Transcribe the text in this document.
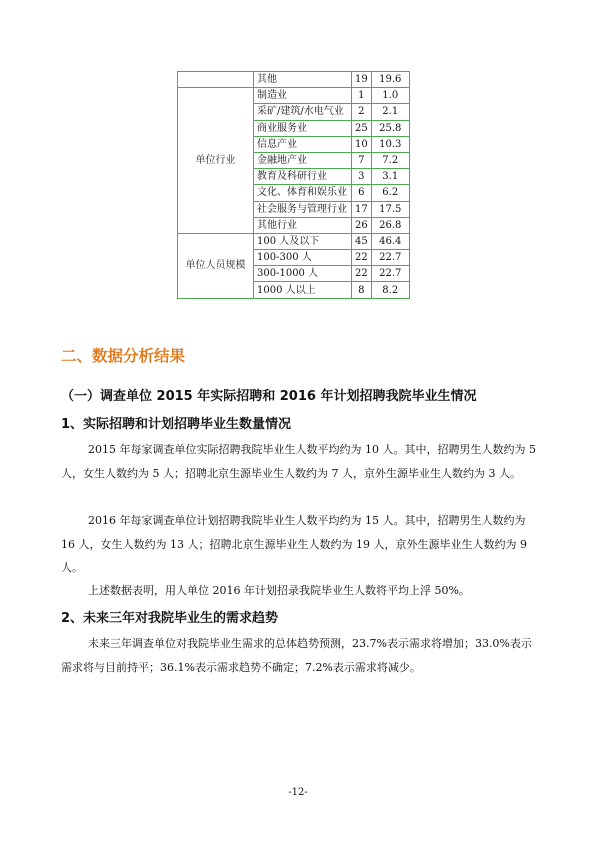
	其他	19	19.6
单位行业	制造业	1	1.0
	采矿/建筑/水电气业	2	2.1
	商业服务业	25	25.8
	信息产业	10	10.3
	金融地产业	7	7.2
	教育及科研行业	3	3.1
	文化、体育和娱乐业	6	6.2
	社会服务与管理行业	17	17.5
	其他行业	26	26.8
单位人员规模	100 人及以下	45	46.4
	100-300 人	22	22.7
	300-1000 人	22	22.7
	1000 人以上	8	8.2
二、数据分析结果
（一）调查单位 2015 年实际招聘和 2016 年计划招聘我院毕业生情况
1、实际招聘和计划招聘毕业生数量情况

2015 年每家调查单位实际招聘我院毕业生人数平均约为 10 人。其中，招聘男生人数约为 5 人，女生人数约为 5 人；招聘北京生源毕业生人数约为 7 人，京外生源毕业生人数约为 3 人。

2016 年每家调查单位计划招聘我院毕业生人数平均约为 15 人。其中，招聘男生人数约为 16 人，女生人数约为 13 人；招聘北京生源毕业生人数约为 19 人，京外生源毕业生人数约为 9 人。

上述数据表明，用人单位 2016 年计划招录我院毕业生人数将平均上浮 50%。

2、未来三年对我院毕业生的需求趋势

未来三年调查单位对我院毕业生需求的总体趋势预测，23.7%表示需求将增加；33.0%表示需求将与目前持平；36.1%表示需求趋势不确定；7.2%表示需求将减少。

-12-
